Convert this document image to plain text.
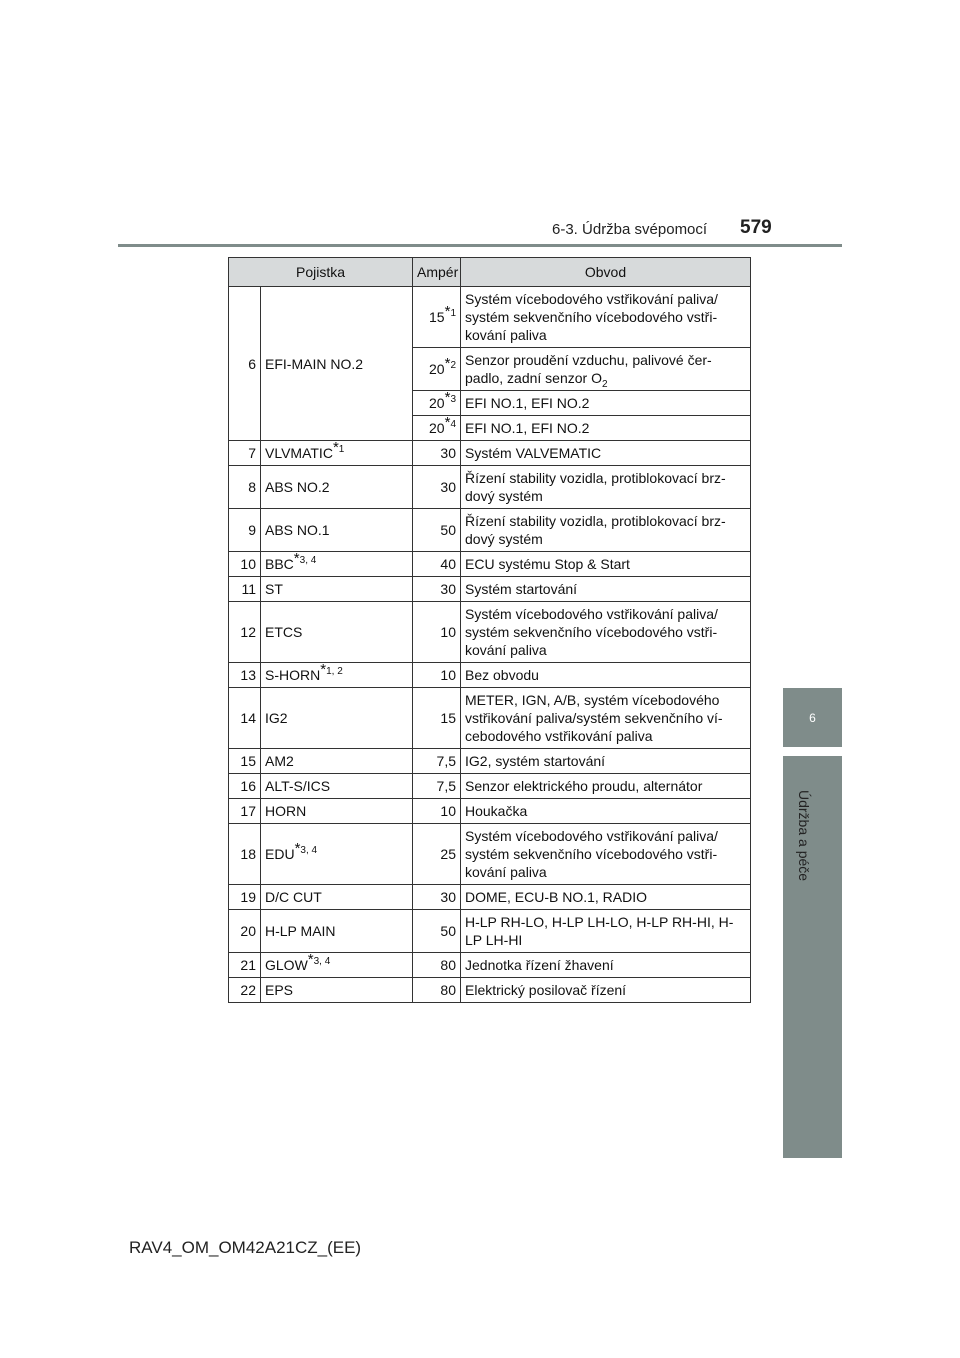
6-3. Údržba svépomocí 579
6
Údržba a péče
Pojistka		Ampér	Obvod
6	EFI-MAIN NO.2	15$^{*1}$	Systém vícebodového vstřikování paliva/ systém sekvenčního vícebodového vstři- kování paliva
		20$^{*2}$	Senzor proudění vzduchu, palivové čer- padlo, zadní senzor $O_2$
		20$^{*3}$	EFI NO.1, EFI NO.2
		20$^{*4}$	EFI NO.1, EFI NO.2
7	VLVMATIC$^{*1}$	30	Systém VALVEMATIC
8	ABS NO.2	30	Řízení stability vozidla, protiblokovací brz- dový systém
9	ABS NO.1	50	Řízení stability vozidla, protiblokovací brz- dový systém
10	BBC$^{*3, 4}$	40	ECU systému Stop & Start
11	ST	30	Systém startování
12	ETCS	10	Systém vícebodového vstřikování paliva/ systém sekvenčního vícebodového vstři- kování paliva
13	S-HORN$^{*1, 2}$	10	Bez obvodu
14	IG2	15	METER, IGN, A/B, systém vícebodového vstřikování paliva/systém sekvenčního ví- cebodového vstřikování paliva
15	AM2	7,5	IG2, systém startování
16	ALT-S/ICS	7,5	Senzor elektrického proudu, alternátor
17	HORN	10	Houkačka
18	EDU$^{*3, 4}$	25	Systém vícebodového vstřikování paliva/ systém sekvenčního vícebodového vstři- kování paliva
19	D/C CUT	30	DOME, ECU-B NO.1, RADIO
20	H-LP MAIN	50	H-LP RH-LO, H-LP LH-LO, H-LP RH-HI, H-LP LH-HI
21	GLOW$^{*3, 4}$	80	Jednotka řízení žhavení
22	EPS	80	Elektrický posilovač řízení
RAV4_OM_OM42A21CZ_(EE)
